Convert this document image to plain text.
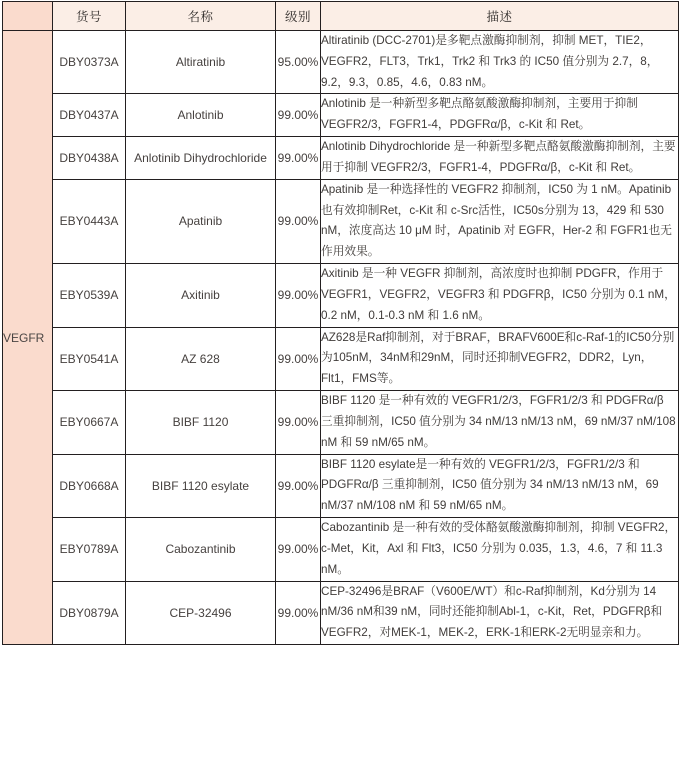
	货号	名称	级别	描述
VEGFR	DBY0373A	Altiratinib	95.00%	Altiratinib (DCC-2701)是多靶点激酶抑制剂，抑制 MET，TIE2，VEGFR2，FLT3，Trk1，Trk2 和 Trk3 的 IC50 值分别为 2.7，8，9.2，9.3，0.85，4.6，0.83 nM。
	DBY0437A	Anlotinib	99.00%	Anlotinib 是一种新型多靶点酪氨酸激酶抑制剂，主要用于抑制 VEGFR2/3，FGFR1-4，PDGFRα/β，c-Kit 和 Ret。
	DBY0438A	Anlotinib Dihydrochloride	99.00%	Anlotinib Dihydrochloride 是一种新型多靶点酪氨酸激酶抑制剂，主要用于抑制 VEGFR2/3，FGFR1-4，PDGFRα/β，c-Kit 和 Ret。
	EBY0443A	Apatinib	99.00%	Apatinib 是一种选择性的 VEGFR2 抑制剂，IC50 为 1 nM。Apatinib也有效抑制Ret，c-Kit 和 c-Src活性，IC50s分别为 13，429 和 530 nM，浓度高达 10 μM 时，Apatinib 对 EGFR，Her-2 和 FGFR1也无作用效果。
	EBY0539A	Axitinib	99.00%	Axitinib 是一种 VEGFR 抑制剂，高浓度时也抑制 PDGFR，作用于 VEGFR1，VEGFR2，VEGFR3 和 PDGFRβ，IC50 分别为 0.1 nM，0.2 nM，0.1-0.3 nM 和 1.6 nM。
	EBY0541A	AZ 628	99.00%	AZ628是Raf抑制剂，对于BRAF，BRAFV600E和c-Raf-1的IC50分别为105nM，34nM和29nM，同时还抑制VEGFR2，DDR2，Lyn，Flt1，FMS等。
	EBY0667A	BIBF 1120	99.00%	BIBF 1120 是一种有效的 VEGFR1/2/3，FGFR1/2/3 和 PDGFRα/β 三重抑制剂，IC50 值分别为 34 nM/13 nM/13 nM，69 nM/37 nM/108 nM 和 59 nM/65 nM。
	DBY0668A	BIBF 1120 esylate	99.00%	BIBF 1120 esylate是一种有效的 VEGFR1/2/3，FGFR1/2/3 和 PDGFRα/β 三重抑制剂，IC50 值分别为 34 nM/13 nM/13 nM，69 nM/37 nM/108 nM 和 59 nM/65 nM。
	EBY0789A	Cabozantinib	99.00%	Cabozantinib 是一种有效的受体酪氨酸激酶抑制剂，抑制 VEGFR2，c-Met，Kit，Axl 和 Flt3，IC50 分别为 0.035，1.3，4.6，7 和 11.3 nM。
	DBY0879A	CEP-32496	99.00%	CEP-32496是BRAF（V600E/WT）和c-Raf抑制剂，Kd分别为 14 nM/36 nM和39 nM，同时还能抑制Abl-1，c-Kit，Ret，PDGFRβ和VEGFR2，对MEK-1，MEK-2，ERK-1和ERK-2无明显亲和力。
